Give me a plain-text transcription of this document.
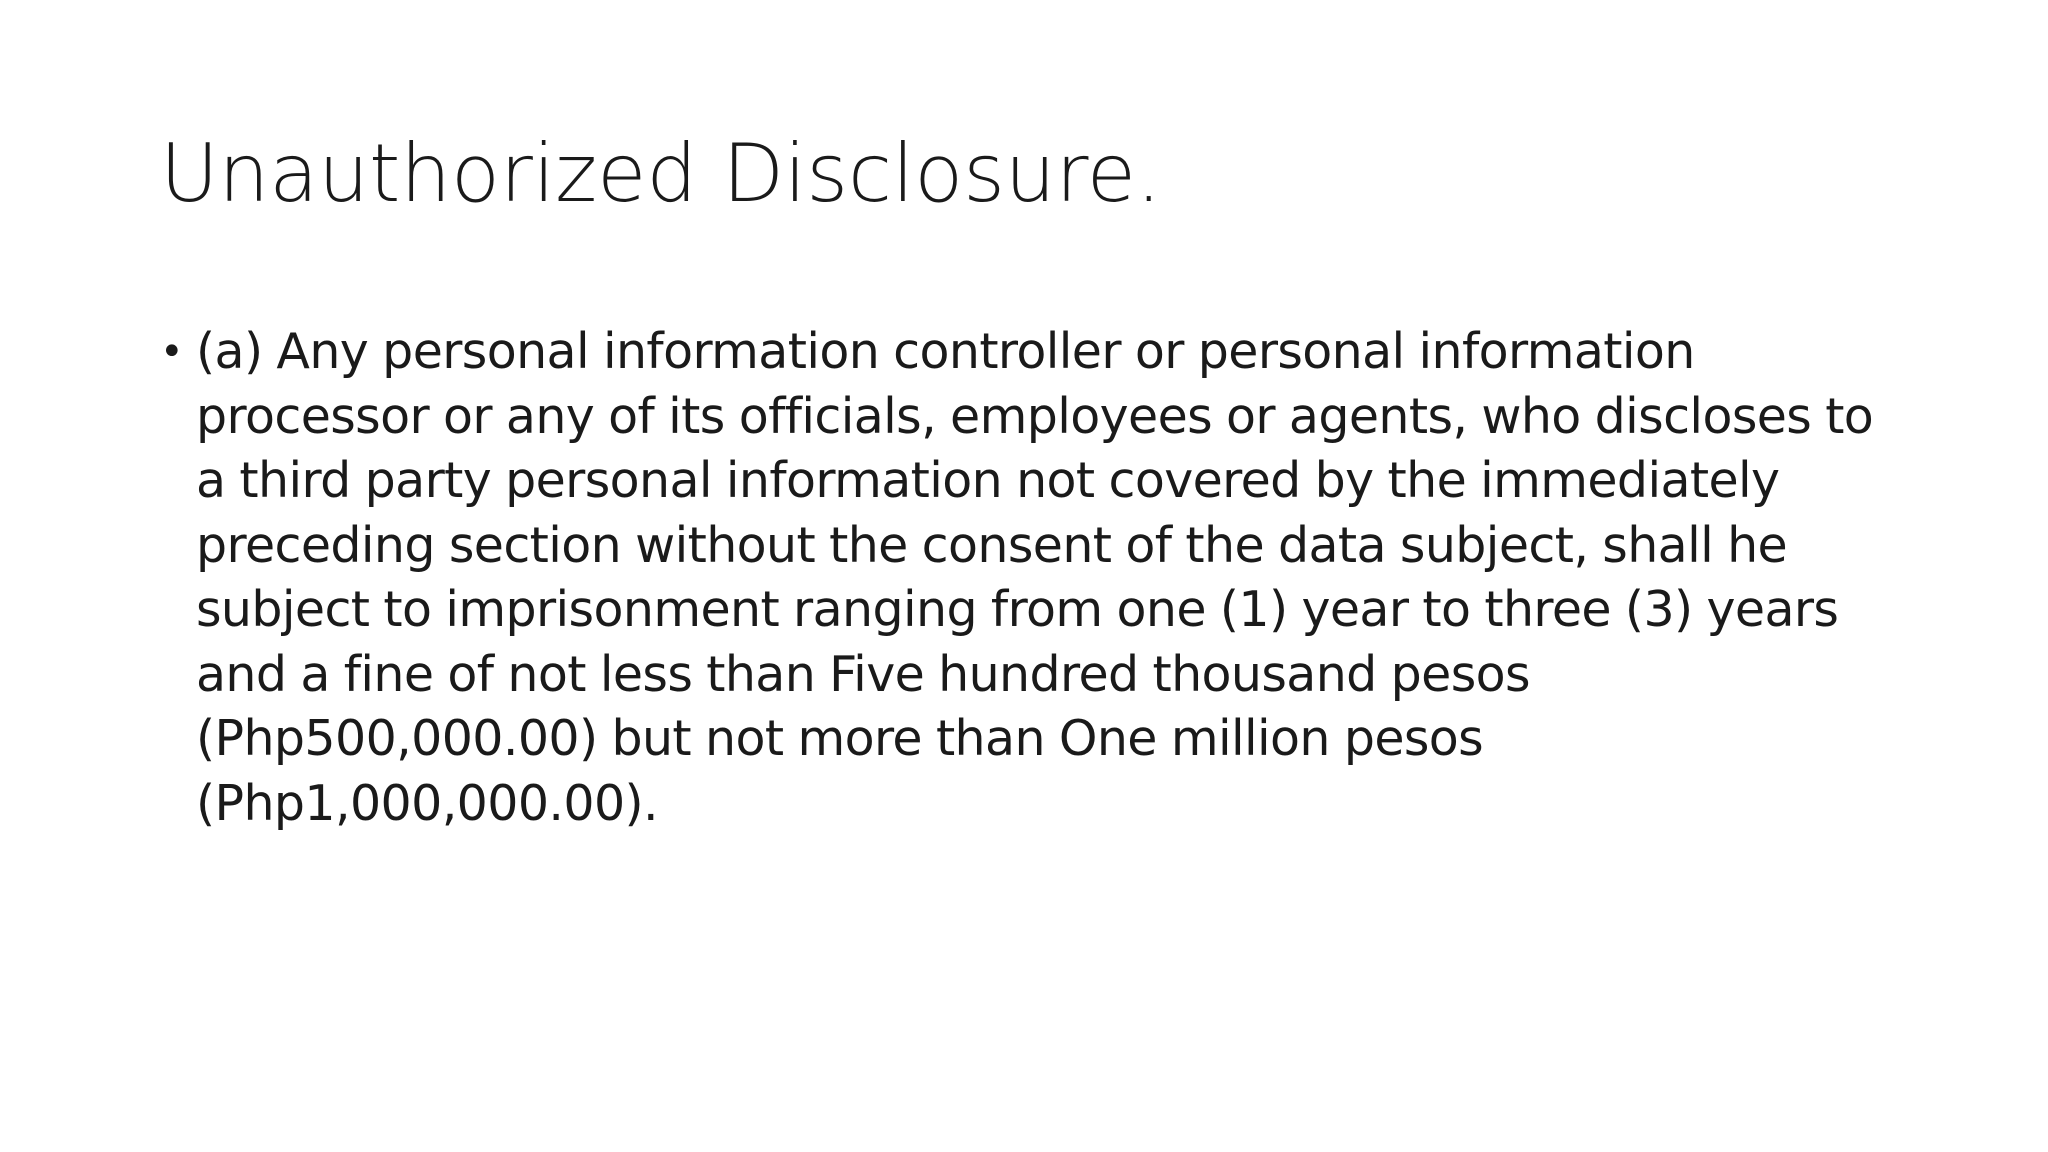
Unauthorized Disclosure.
• (a) Any personal information controller or personal information
processor or any of its officials, employees or agents, who discloses to
a third party personal information not covered by the immediately
preceding section without the consent of the data subject, shall he
subject to imprisonment ranging from one (1) year to three (3) years
and a fine of not less than Five hundred thousand pesos
(Php500,000.00) but not more than One million pesos
(Php1,000,000.00).
